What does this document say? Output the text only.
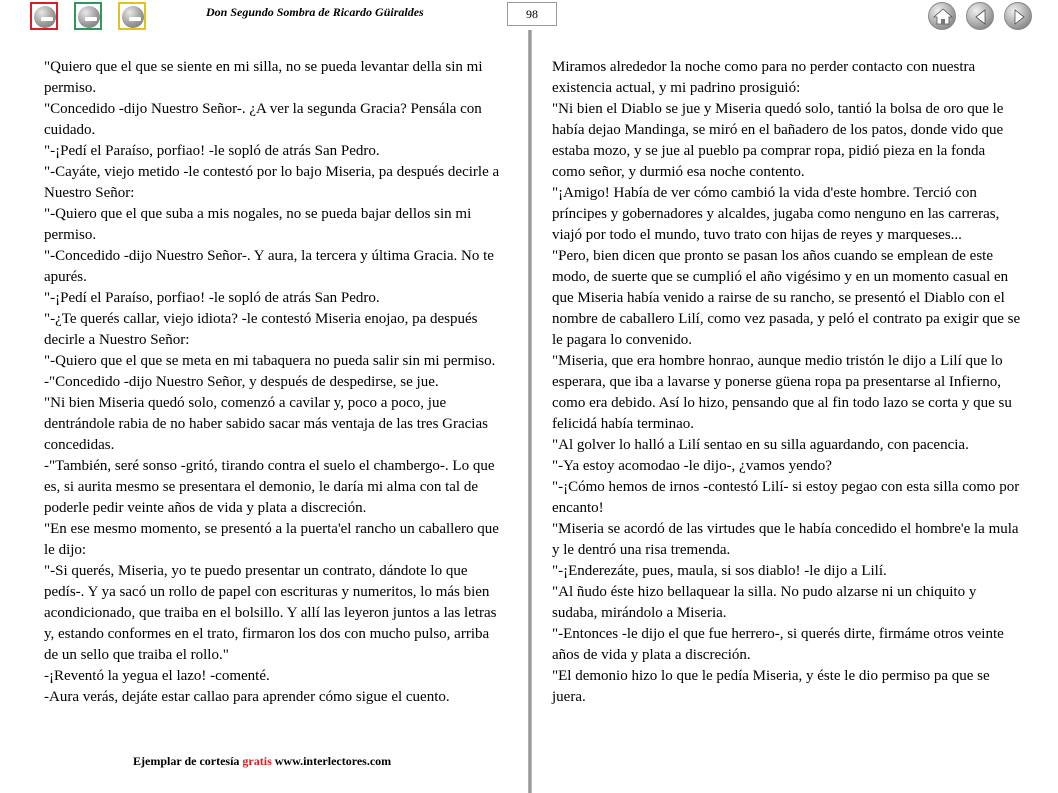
Don Segundo Sombra de Ricardo Güiraldes	98

"Quiero que el que se siente en mi silla, no se pueda levantar della sin mi permiso.

"Concedido -dijo Nuestro Señor-. ¿A ver la segunda Gracia? Pensála con cuidado.

"-¡Pedí el Paraíso, porfiao! -le sopló de atrás San Pedro.

"-Cayáte, viejo metido -le contestó por lo bajo Miseria, pa después decirle a Nuestro Señor:

"-Quiero que el que suba a mis nogales, no se pueda bajar dellos sin mi permiso.

"-Concedido -dijo Nuestro Señor-. Y aura, la tercera y última Gracia. No te apurés.

"-¡Pedí el Paraíso, porfiao! -le sopló de atrás San Pedro.

"-¿Te querés callar, viejo idiota? -le contestó Miseria enojao, pa después decirle a Nuestro Señor:

"-Quiero que el que se meta en mi tabaquera no pueda salir sin mi permiso.

-"Concedido -dijo Nuestro Señor, y después de despedirse, se jue.

"Ni bien Miseria quedó solo, comenzó a cavilar y, poco a poco, jue dentrándole rabia de no haber sabido sacar más ventaja de las tres Gracias concedidas.

-"También, seré sonso -gritó, tirando contra el suelo el chambergo-. Lo que es, si aurita mesmo se presentara el demonio, le daría mi alma con tal de poderle pedir veinte años de vida y plata a discreción.

"En ese mesmo momento, se presentó a la puerta'el rancho un caballero que le dijo:

"-Si querés, Miseria, yo te puedo presentar un contrato, dándote lo que pedís-. Y ya sacó un rollo de papel con escrituras y numeritos, lo más bien acondicionado, que traiba en el bolsillo. Y allí las leyeron juntos a las letras y, estando conformes en el trato, firmaron los dos con mucho pulso, arriba de un sello que traiba el rollo."

-¡Reventó la yegua el lazo! -comenté.

-Aura verás, dejáte estar callao para aprender cómo sigue el cuento.

Miramos alrededor la noche como para no perder contacto con nuestra existencia actual, y mi padrino prosiguió:

"Ni bien el Diablo se jue y Miseria quedó solo, tantió la bolsa de oro que le había dejao Mandinga, se miró en el bañadero de los patos, donde vido que estaba mozo, y se jue al pueblo pa comprar ropa, pidió pieza en la fonda como señor, y durmió esa noche contento.

"¡Amigo! Había de ver cómo cambió la vida d'este hombre. Terció con príncipes y gobernadores y alcaldes, jugaba como nenguno en las carreras, viajó por todo el mundo, tuvo trato con hijas de reyes y marqueses...

"Pero, bien dicen que pronto se pasan los años cuando se emplean de este modo, de suerte que se cumplió el año vigésimo y en un momento casual en que Miseria había venido a rairse de su rancho, se presentó el Diablo con el nombre de caballero Lilí, como vez pasada, y peló el contrato pa exigir que se le pagara lo convenido.

"Miseria, que era hombre honrao, aunque medio tristón le dijo a Lilí que lo esperara, que iba a lavarse y ponerse güena ropa pa presentarse al Infierno, como era debido. Así lo hizo, pensando que al fin todo lazo se corta y que su felicidá había terminao.

"Al golver lo halló a Lilí sentao en su silla aguardando, con pacencia.

"-Ya estoy acomodao -le dijo-, ¿vamos yendo?

"-¡Cómo hemos de irnos -contestó Lilí- si estoy pegao con esta silla como por encanto!

"Miseria se acordó de las virtudes que le había concedido el hombre'e la mula y le dentró una risa tremenda.

"-¡Enderezáte, pues, maula, si sos diablo! -le dijo a Lilí.

"Al ñudo éste hizo bellaquear la silla. No pudo alzarse ni un chiquito y sudaba, mirándolo a Miseria.

"-Entonces -le dijo el que fue herrero-, si querés dirte, firmáme otros veinte años de vida y plata a discreción.

"El demonio hizo lo que le pedía Miseria, y éste le dio permiso pa que se juera.

Ejemplar de cortesía gratis www.interlectores.com
